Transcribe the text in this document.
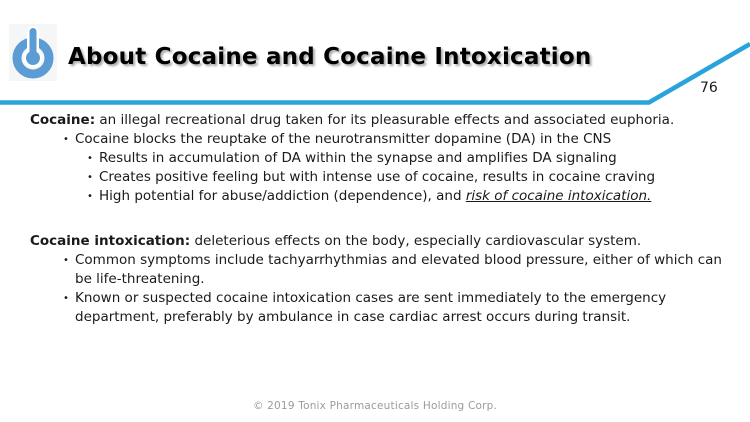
About Cocaine and Cocaine Intoxication
76
Cocaine: an illegal recreational drug taken for its pleasurable effects and associated euphoria.
• Cocaine blocks the reuptake of the neurotransmitter dopamine (DA) in the CNS
• Results in accumulation of DA within the synapse and amplifies DA signaling
• Creates positive feeling but with intense use of cocaine, results in cocaine craving
• High potential for abuse/addiction (dependence), and risk of cocaine intoxication.
Cocaine intoxication: deleterious effects on the body, especially cardiovascular system.
• Common symptoms include tachyarrhythmias and elevated blood pressure, either of which can be life-threatening.
• Known or suspected cocaine intoxication cases are sent immediately to the emergency department, preferably by ambulance in case cardiac arrest occurs during transit.
© 2019 Tonix Pharmaceuticals Holding Corp.
